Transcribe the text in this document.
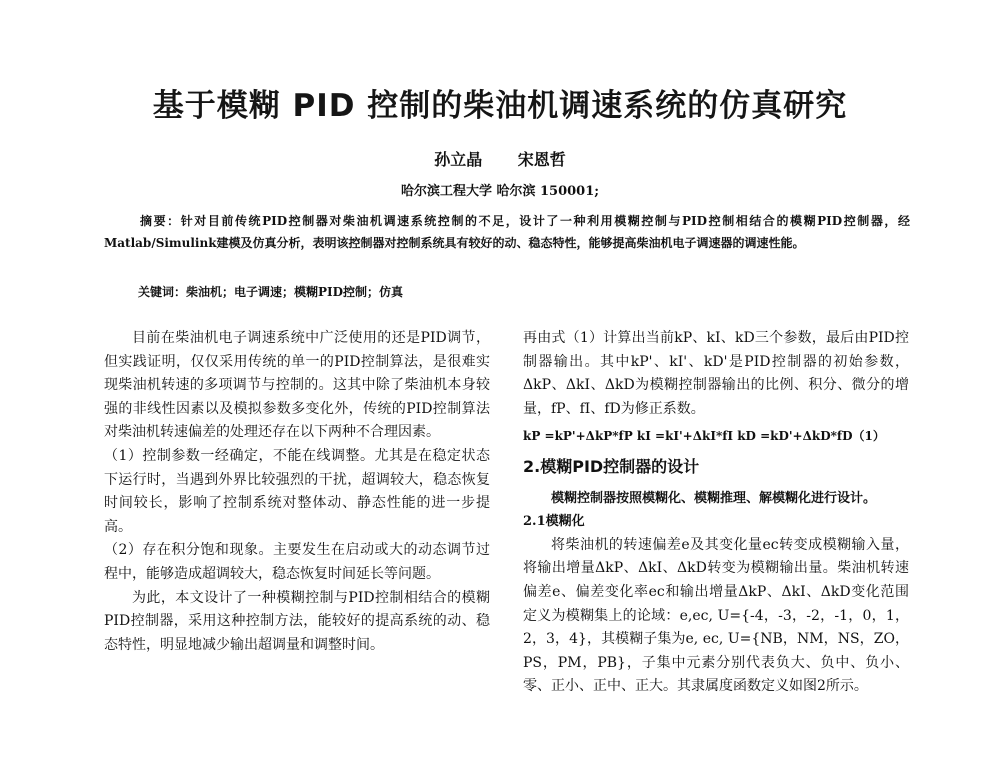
基于模糊 PID 控制的柴油机调速系统的仿真研究
孙立晶 宋恩哲
哈尔滨工程大学 哈尔滨 150001;
摘要：针对目前传统PID控制器对柴油机调速系统控制的不足，设计了一种利用模糊控制与PID控制相结合的模糊PID控制器，经Matlab/Simulink建模及仿真分析，表明该控制器对控制系统具有较好的动、稳态特性，能够提高柴油机电子调速器的调速性能。
关键词：柴油机；电子调速；模糊PID控制；仿真

目前在柴油机电子调速系统中广泛使用的还是PID调节，但实践证明，仅仅采用传统的单一的PID控制算法，是很难实现柴油机转速的多项调节与控制的。这其中除了柴油机本身较强的非线性因素以及模拟参数多变化外，传统的PID控制算法对柴油机转速偏差的处理还存在以下两种不合理因素。

（1）控制参数一经确定，不能在线调整。尤其是在稳定状态下运行时，当遇到外界比较强烈的干扰，超调较大，稳态恢复时间较长，影响了控制系统对整体动、静态性能的进一步提高。

（2）存在积分饱和现象。主要发生在启动或大的动态调节过程中，能够造成超调较大，稳态恢复时间延长等问题。

为此，本文设计了一种模糊控制与PID控制相结合的模糊PID控制器，采用这种控制方法，能较好的提高系统的动、稳态特性，明显地减少输出超调量和调整时间。

再由式（1）计算出当前kP、kI、kD三个参数，最后由PID控制器输出。其中kP'、kI'、kD'是PID控制器的初始参数，ΔkP、ΔkI、ΔkD为模糊控制器输出的比例、积分、微分的增量，fP、fI、fD为修正系数。

kP =kP'+ΔkP*fP kI =kI'+ΔkI*fI kD =kD'+ΔkD*fD（1）

2.模糊PID控制器的设计

模糊控制器按照模糊化、模糊推理、解模糊化进行设计。

2.1模糊化

将柴油机的转速偏差e及其变化量ec转变成模糊输入量，将输出增量ΔkP、ΔkI、ΔkD转变为模糊输出量。柴油机转速偏差e、偏差变化率ec和输出增量ΔkP、ΔkI、ΔkD变化范围定义为模糊集上的论域：e,ec, U={-4，-3，-2，-1，0，1，2，3，4}，其模糊子集为e, ec, U={NB，NM，NS，ZO，PS，PM，PB}，子集中元素分别代表负大、负中、负小、零、正小、正中、正大。其隶属度函数定义如图2所示。
